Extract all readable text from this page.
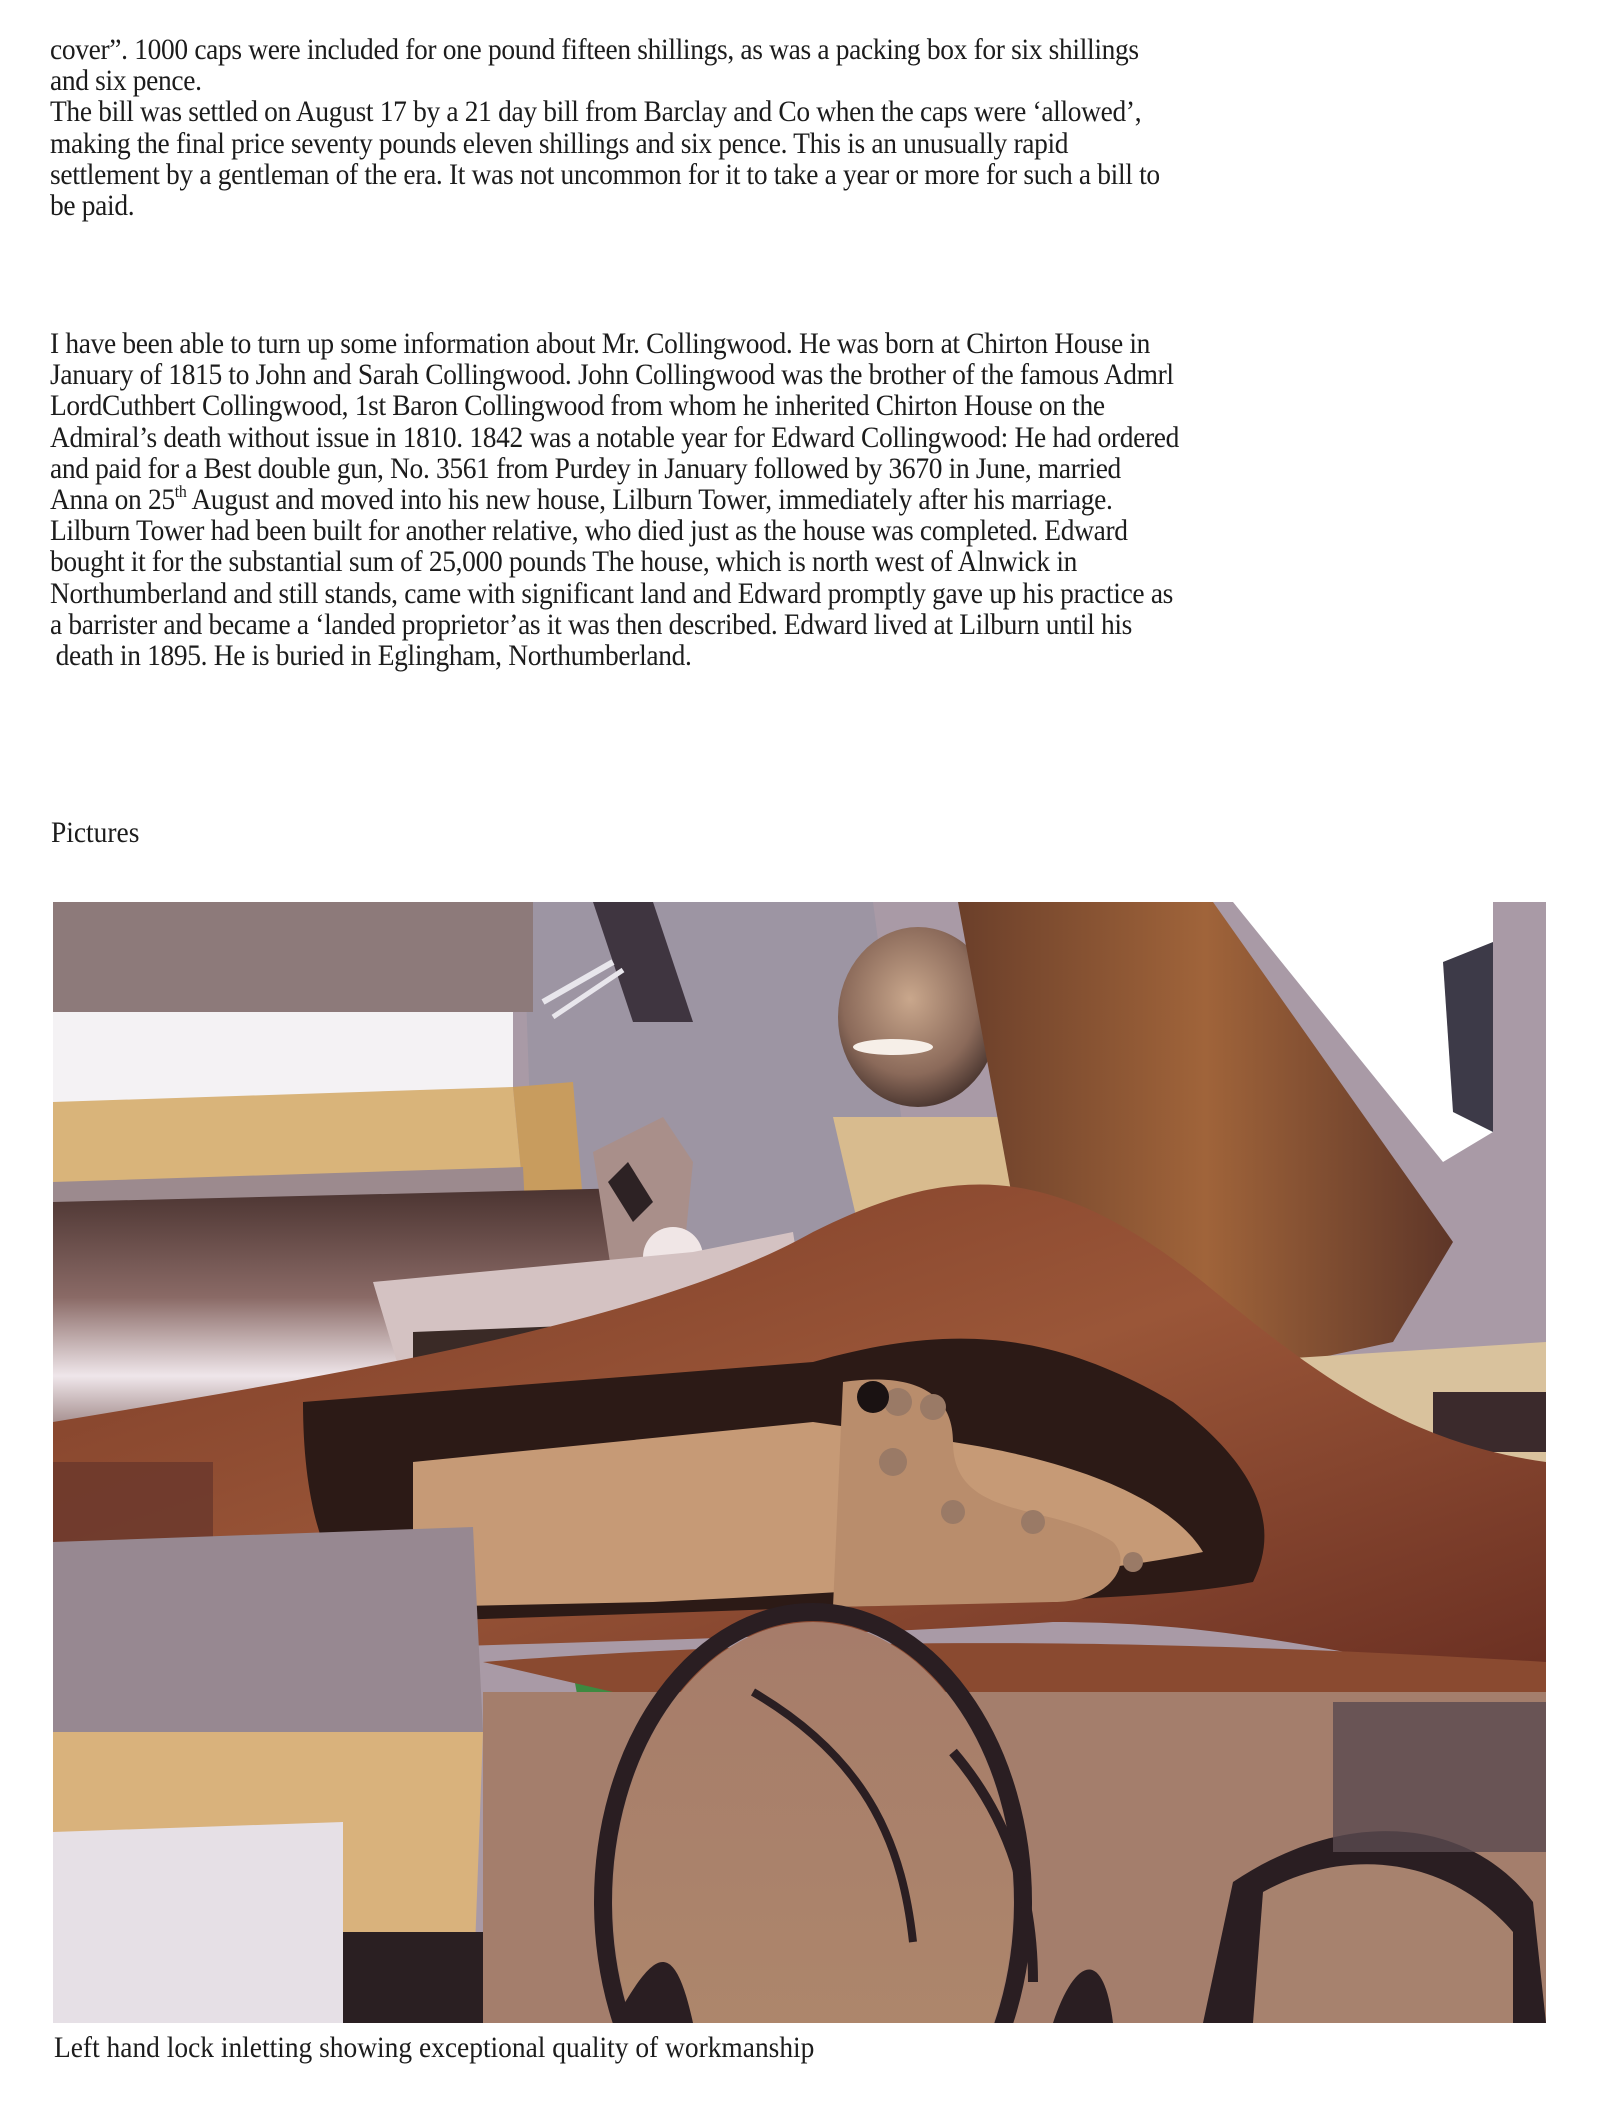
cover”. 1000 caps were included for one pound fifteen shillings, as was a packing box for six shillings
and six pence.
The bill was settled on August 17 by a 21 day bill from Barclay and Co when the caps were ‘allowed’,
making the final price seventy pounds eleven shillings and six pence. This is an unusually rapid
settlement by a gentleman of the era. It was not uncommon for it to take a year or more for such a bill to
be paid.
I have been able to turn up some information about Mr. Collingwood. He was born at Chirton House in
January of 1815 to John and Sarah Collingwood. John Collingwood was the brother of the famous Admrl
LordCuthbert Collingwood, 1st Baron Collingwood from whom he inherited Chirton House on the
Admiral’s death without issue in 1810. 1842 was a notable year for Edward Collingwood: He had ordered
and paid for a Best double gun, No. 3561 from Purdey in January followed by 3670 in June, married
Anna on 25th August and moved into his new house, Lilburn Tower, immediately after his marriage.
Lilburn Tower had been built for another relative, who died just as the house was completed. Edward
bought it for the substantial sum of 25,000 pounds The house, which is north west of Alnwick in
Northumberland and still stands, came with significant land and Edward promptly gave up his practice as
a barrister and became a ‘landed proprietor’as it was then described. Edward lived at Lilburn until his
death in 1895. He is buried in Eglingham, Northumberland.
Pictures
Left hand lock inletting showing exceptional quality of workmanship
